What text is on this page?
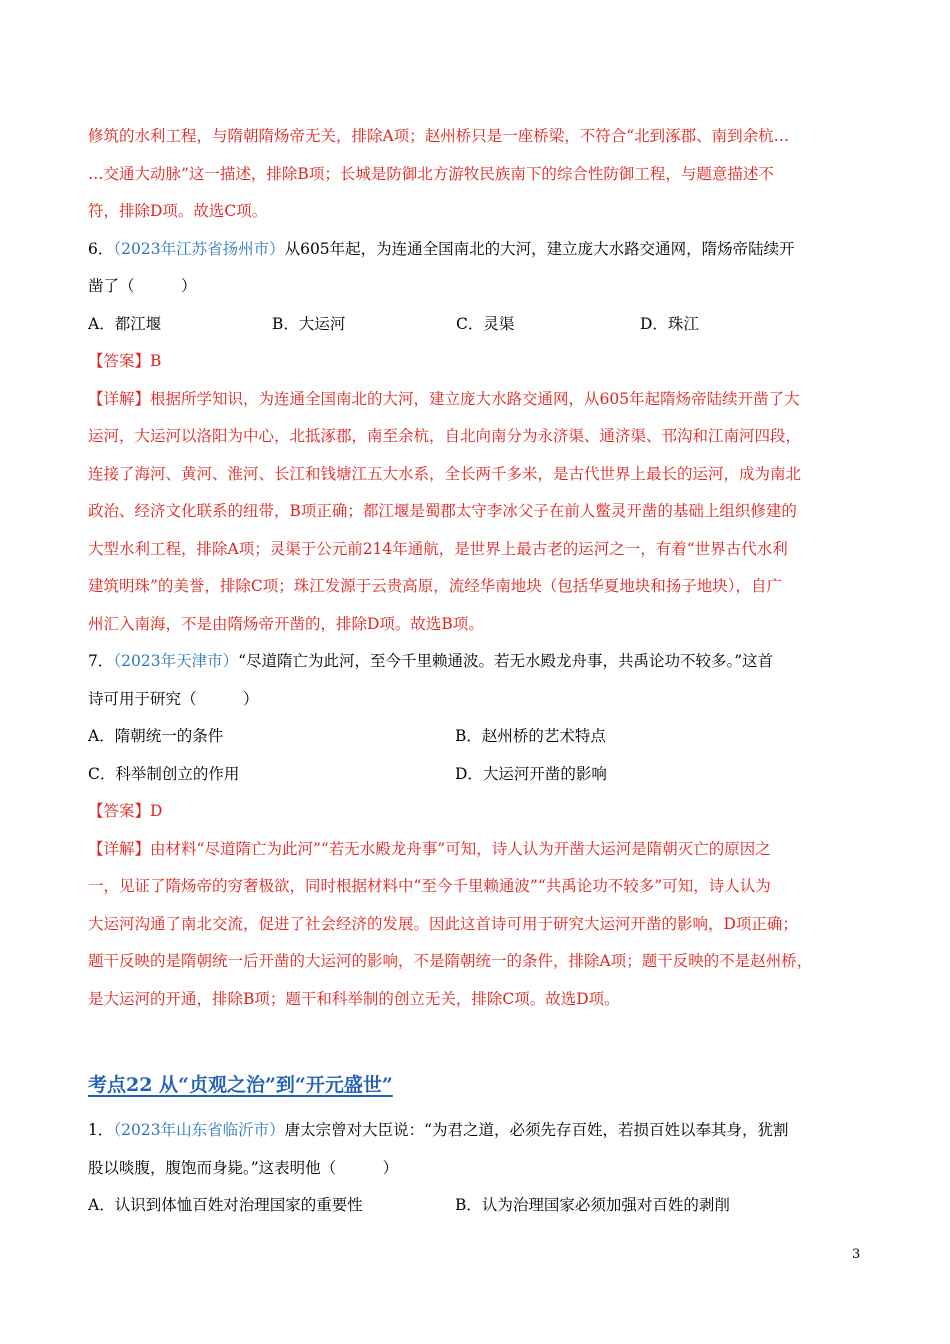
修筑的水利工程，与隋朝隋炀帝无关，排除A项；赵州桥只是一座桥梁，不符合“北到涿郡、南到余杭…
…交通大动脉”这一描述，排除B项；长城是防御北方游牧民族南下的综合性防御工程，与题意描述不
符，排除D项。故选C项。
6．（2023年江苏省扬州市）从605年起，为连通全国南北的大河，建立庞大水路交通网，隋炀帝陆续开
凿了（　　　）
A．都江堰	B．大运河	C．灵渠	D．珠江
【答案】B
【详解】根据所学知识，为连通全国南北的大河，建立庞大水路交通网，从605年起隋炀帝陆续开凿了大
运河，大运河以洛阳为中心，北抵涿郡，南至余杭，自北向南分为永济渠、通济渠、邗沟和江南河四段，
连接了海河、黄河、淮河、长江和钱塘江五大水系，全长两千多米，是古代世界上最长的运河，成为南北
政治、经济文化联系的纽带，B项正确；都江堰是蜀郡太守李冰父子在前人鳖灵开凿的基础上组织修建的
大型水利工程，排除A项；灵渠于公元前214年通航，是世界上最古老的运河之一，有着“世界古代水利
建筑明珠”的美誉，排除C项；珠江发源于云贵高原，流经华南地块（包括华夏地块和扬子地块），自广
州汇入南海，不是由隋炀帝开凿的，排除D项。故选B项。
7．（2023年天津市）“尽道隋亡为此河，至今千里赖通波。若无水殿龙舟事，共禹论功不较多。”这首
诗可用于研究（　　　）
A．隋朝统一的条件	B．赵州桥的艺术特点
C．科举制创立的作用	D．大运河开凿的影响
【答案】D
【详解】由材料“尽道隋亡为此河”“若无水殿龙舟事”可知，诗人认为开凿大运河是隋朝灭亡的原因之
一，见证了隋炀帝的穷奢极欲，同时根据材料中“至今千里赖通波”“共禹论功不较多”可知，诗人认为
大运河沟通了南北交流，促进了社会经济的发展。因此这首诗可用于研究大运河开凿的影响，D项正确；
题干反映的是隋朝统一后开凿的大运河的影响，不是隋朝统一的条件，排除A项；题干反映的不是赵州桥，
是大运河的开通，排除B项；题干和科举制的创立无关，排除C项。故选D项。
考点22 从“贞观之治”到“开元盛世”
1．（2023年山东省临沂市）唐太宗曾对大臣说：“为君之道，必须先存百姓，若损百姓以奉其身，犹割
股以啖腹，腹饱而身毙。”这表明他（　　　）
A．认识到体恤百姓对治理国家的重要性	B．认为治理国家必须加强对百姓的剥削
3
